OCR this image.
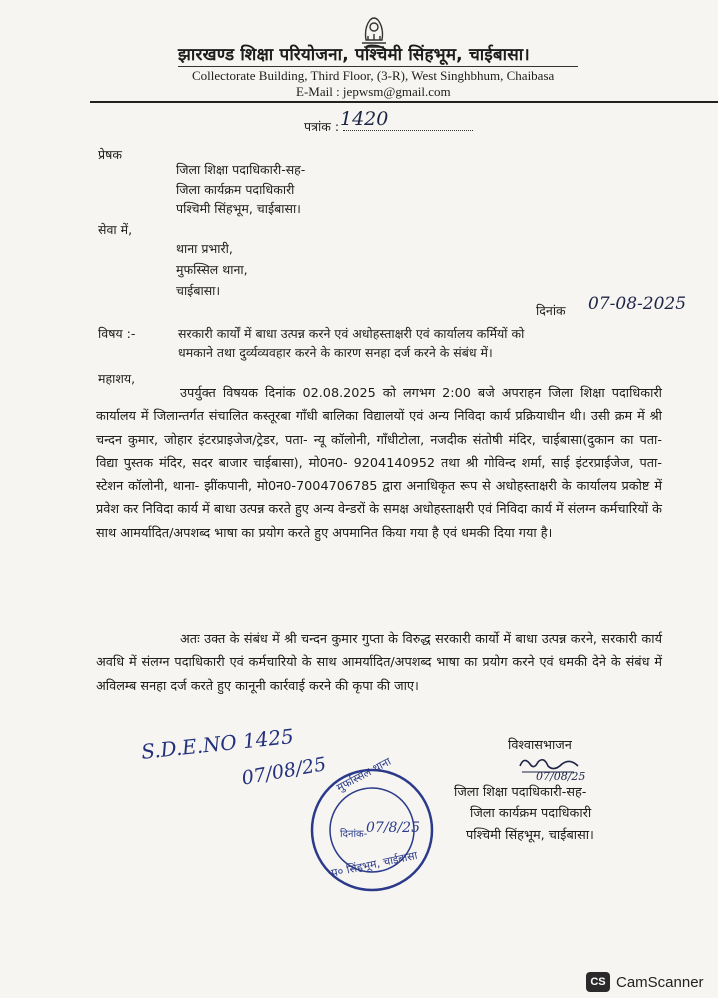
झारखण्ड शिक्षा परियोजना, पश्चिमी सिंहभूम, चाईबासा।
Collectorate Building, Third Floor, (3-R), West Singhbhum, Chaibasa
E-Mail : jepwsm@gmail.com
पत्रांक : 1420
प्रेषक
जिला शिक्षा पदाधिकारी-सह-
जिला कार्यक्रम पदाधिकारी
पश्चिमी सिंहभूम, चाईबासा।
सेवा में,
थाना प्रभारी,
मुफस्सिल थाना,
चाईबासा।
दिनांक 07-08-2025
विषय :-	सरकारी कार्यों में बाधा उत्पन्न करने एवं अधोहस्ताक्षरी एवं कार्यालय कर्मियों को
धमकाने तथा दुर्व्यव्यवहार करने के कारण सनहा दर्ज करने के संबंध में।
महाशय,
उपर्युक्त विषयक दिनांक 02.08.2025 को लगभग 2:00 बजे अपराहन जिला शिक्षा पदाधिकारी कार्यालय में जिलान्तर्गत संचालित कस्तूरबा गाँधी बालिका विद्यालयों एवं अन्य निविदा कार्य प्रक्रियाधीन थी। उसी क्रम में श्री चन्दन कुमार, जोहार इंटरप्राइजेज/ट्रेडर, पता- न्यू कॉलोनी, गाँधीटोला, नजदीक संतोषी मंदिर, चाईबासा(दुकान का पता- विद्या पुस्तक मंदिर, सदर बाजार चाईबासा), मो0न0- 9204140952 तथा श्री गोविन्द शर्मा, साई इंटरप्राईजेज, पता- स्टेशन कॉलोनी, थाना- झींकपानी, मो0न0-7004706785 द्वारा अनाधिकृत रूप से अधोहस्ताक्षरी के कार्यालय प्रकोष्ट में प्रवेश कर निविदा कार्य में बाधा उत्पन्न करते हुए अन्य वेन्डरों के समक्ष अधोहस्ताक्षरी एवं निविदा कार्य में संलग्न कर्मचारियों के साथ आमर्यादित/अपशब्द भाषा का प्रयोग करते हुए अपमानित किया गया है एवं धमकी दिया गया है।
अतः उक्त के संबंध में श्री चन्दन कुमार गुप्ता के विरुद्ध सरकारी कार्यो में बाधा उत्पन्न करने, सरकारी कार्य अवधि में संलग्न पदाधिकारी एवं कर्मचारियो के साथ आमर्यादित/अपशब्द भाषा का प्रयोग करने एवं धमकी देने के संबंध में अविलम्ब सनहा दर्ज करते हुए कानूनी कार्रवाई करने की कृपा की जाए।
विश्वासभाजन
07/08/25
जिला शिक्षा पदाधिकारी-सह-
जिला कार्यक्रम पदाधिकारी
पश्चिमी सिंहभूम, चाईबासा।
S.D.E.NO 1425
07/08/25 मुफस्सिल थाना
दिनांक-
07/8/25
प० सिंहभूम, चाईबासा
CS CamScanner
